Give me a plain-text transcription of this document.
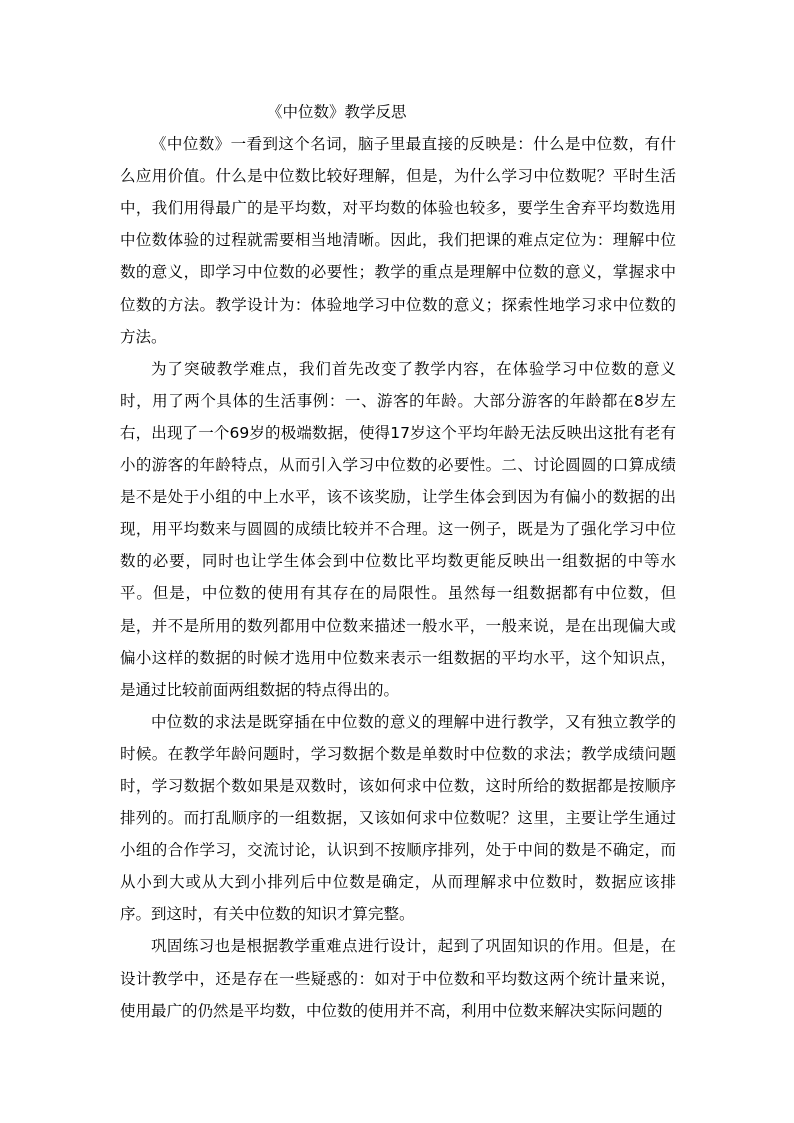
《中位数》教学反思

《中位数》一看到这个名词，脑子里最直接的反映是：什么是中位数，有什么应用价值。什么是中位数比较好理解，但是，为什么学习中位数呢？平时生活中，我们用得最广的是平均数，对平均数的体验也较多，要学生舍弃平均数选用中位数体验的过程就需要相当地清晰。因此，我们把课的难点定位为：理解中位数的意义，即学习中位数的必要性；教学的重点是理解中位数的意义，掌握求中位数的方法。教学设计为：体验地学习中位数的意义；探索性地学习求中位数的方法。

为了突破教学难点，我们首先改变了教学内容，在体验学习中位数的意义时，用了两个具体的生活事例：一、游客的年龄。大部分游客的年龄都在8岁左右，出现了一个69岁的极端数据，使得17岁这个平均年龄无法反映出这批有老有小的游客的年龄特点，从而引入学习中位数的必要性。二、讨论圆圆的口算成绩是不是处于小组的中上水平，该不该奖励，让学生体会到因为有偏小的数据的出现，用平均数来与圆圆的成绩比较并不合理。这一例子，既是为了强化学习中位数的必要，同时也让学生体会到中位数比平均数更能反映出一组数据的中等水平。但是，中位数的使用有其存在的局限性。虽然每一组数据都有中位数，但是，并不是所用的数列都用中位数来描述一般水平，一般来说，是在出现偏大或偏小这样的数据的时候才选用中位数来表示一组数据的平均水平，这个知识点，是通过比较前面两组数据的特点得出的。

中位数的求法是既穿插在中位数的意义的理解中进行教学，又有独立教学的时候。在教学年龄问题时，学习数据个数是单数时中位数的求法；教学成绩问题时，学习数据个数如果是双数时，该如何求中位数，这时所给的数据都是按顺序排列的。而打乱顺序的一组数据，又该如何求中位数呢？这里，主要让学生通过小组的合作学习，交流讨论，认识到不按顺序排列，处于中间的数是不确定，而从小到大或从大到小排列后中位数是确定，从而理解求中位数时，数据应该排序。到这时，有关中位数的知识才算完整。

巩固练习也是根据教学重难点进行设计，起到了巩固知识的作用。但是，在设计教学中，还是存在一些疑惑的：如对于中位数和平均数这两个统计量来说，使用最广的仍然是平均数，中位数的使用并不高，利用中位数来解决实际问题的
